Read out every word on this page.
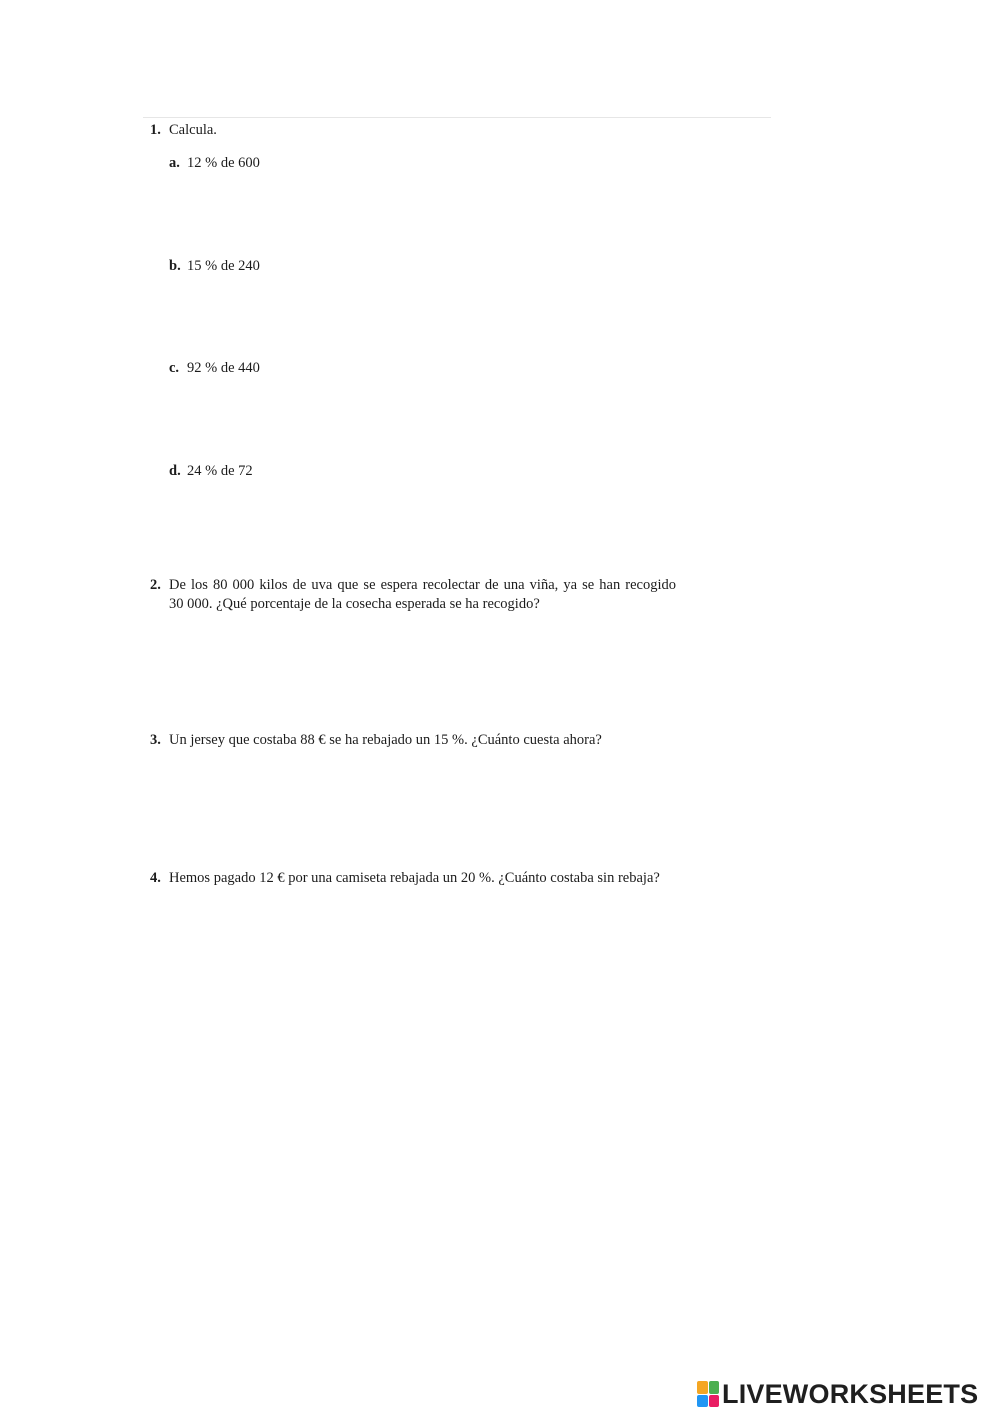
1. Calcula.
a. 12 % de 600
b. 15 % de 240
c. 92 % de 440
d. 24 % de 72
2. De los 80 000 kilos de uva que se espera recolectar de una viña, ya se han recogido
30 000. ¿Qué porcentaje de la cosecha esperada se ha recogido?
3. Un jersey que costaba 88 € se ha rebajado un 15 %. ¿Cuánto cuesta ahora?
4. Hemos pagado 12 € por una camiseta rebajada un 20 %. ¿Cuánto costaba sin rebaja?
LIVEWORKSHEETS
